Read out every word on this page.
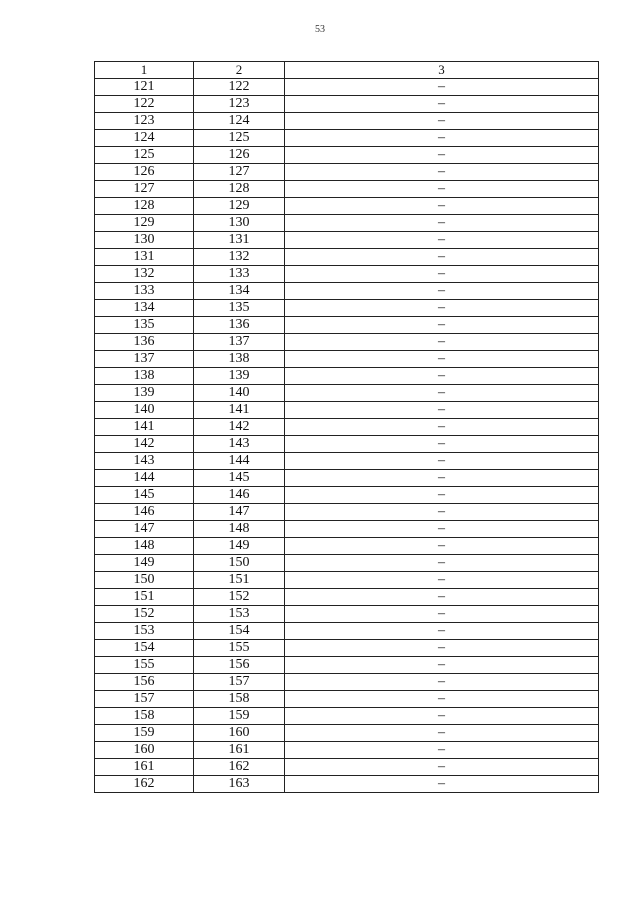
53
1	2	3
121	122	–
122	123	–
123	124	–
124	125	–
125	126	–
126	127	–
127	128	–
128	129	–
129	130	–
130	131	–
131	132	–
132	133	–
133	134	–
134	135	–
135	136	–
136	137	–
137	138	–
138	139	–
139	140	–
140	141	–
141	142	–
142	143	–
143	144	–
144	145	–
145	146	–
146	147	–
147	148	–
148	149	–
149	150	–
150	151	–
151	152	–
152	153	–
153	154	–
154	155	–
155	156	–
156	157	–
157	158	–
158	159	–
159	160	–
160	161	–
161	162	–
162	163	–
